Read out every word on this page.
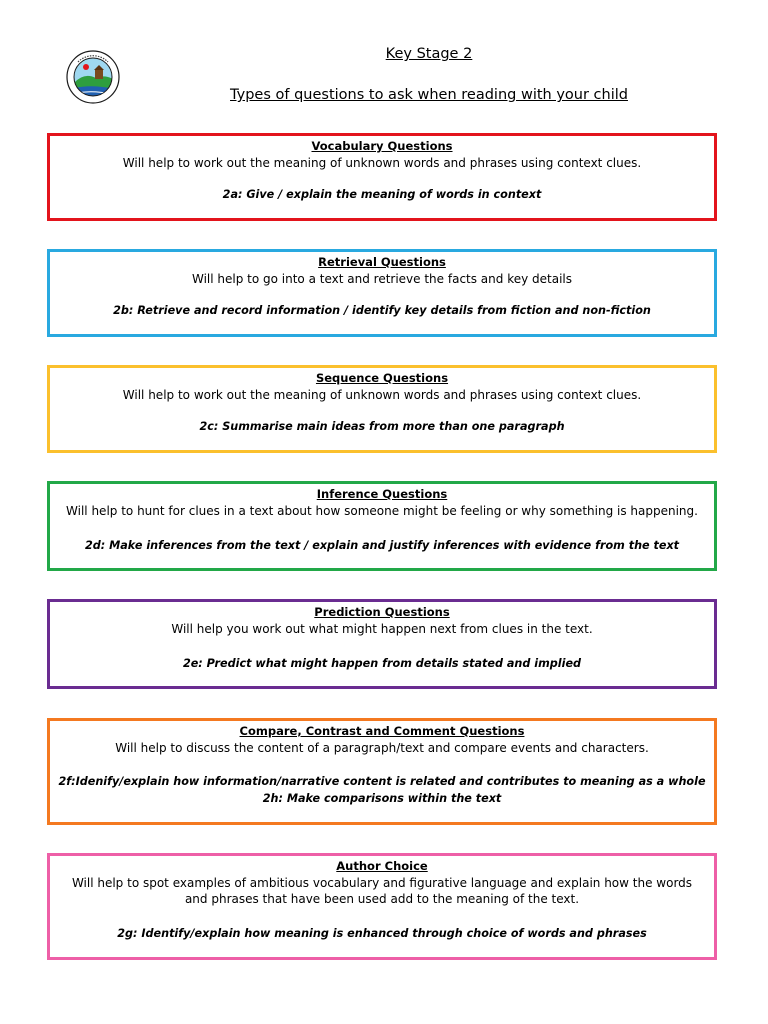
Key Stage 2
Types of questions to ask when reading with your child
Vocabulary Questions
Will help to work out the meaning of unknown words and phrases using context clues.
2a: Give / explain the meaning of words in context
Retrieval Questions
Will help to go into a text and retrieve the facts and key details
2b: Retrieve and record information / identify key details from fiction and non-fiction
Sequence Questions
Will help to work out the meaning of unknown words and phrases using context clues.
2c: Summarise main ideas from more than one paragraph
Inference Questions
Will help to hunt for clues in a text about how someone might be feeling or why something is happening.
2d: Make inferences from the text / explain and justify inferences with evidence from the text
Prediction Questions
Will help you work out what might happen next from clues in the text.
2e: Predict what might happen from details stated and implied
Compare, Contrast and Comment Questions
Will help to discuss the content of a paragraph/text and compare events and characters.
2f:Idenify/explain how information/narrative content is related and contributes to meaning as a whole
2h: Make comparisons within the text
Author Choice
Will help to spot examples of ambitious vocabulary and figurative language and explain how the words and phrases that have been used add to the meaning of the text.
2g: Identify/explain how meaning is enhanced through choice of words and phrases
